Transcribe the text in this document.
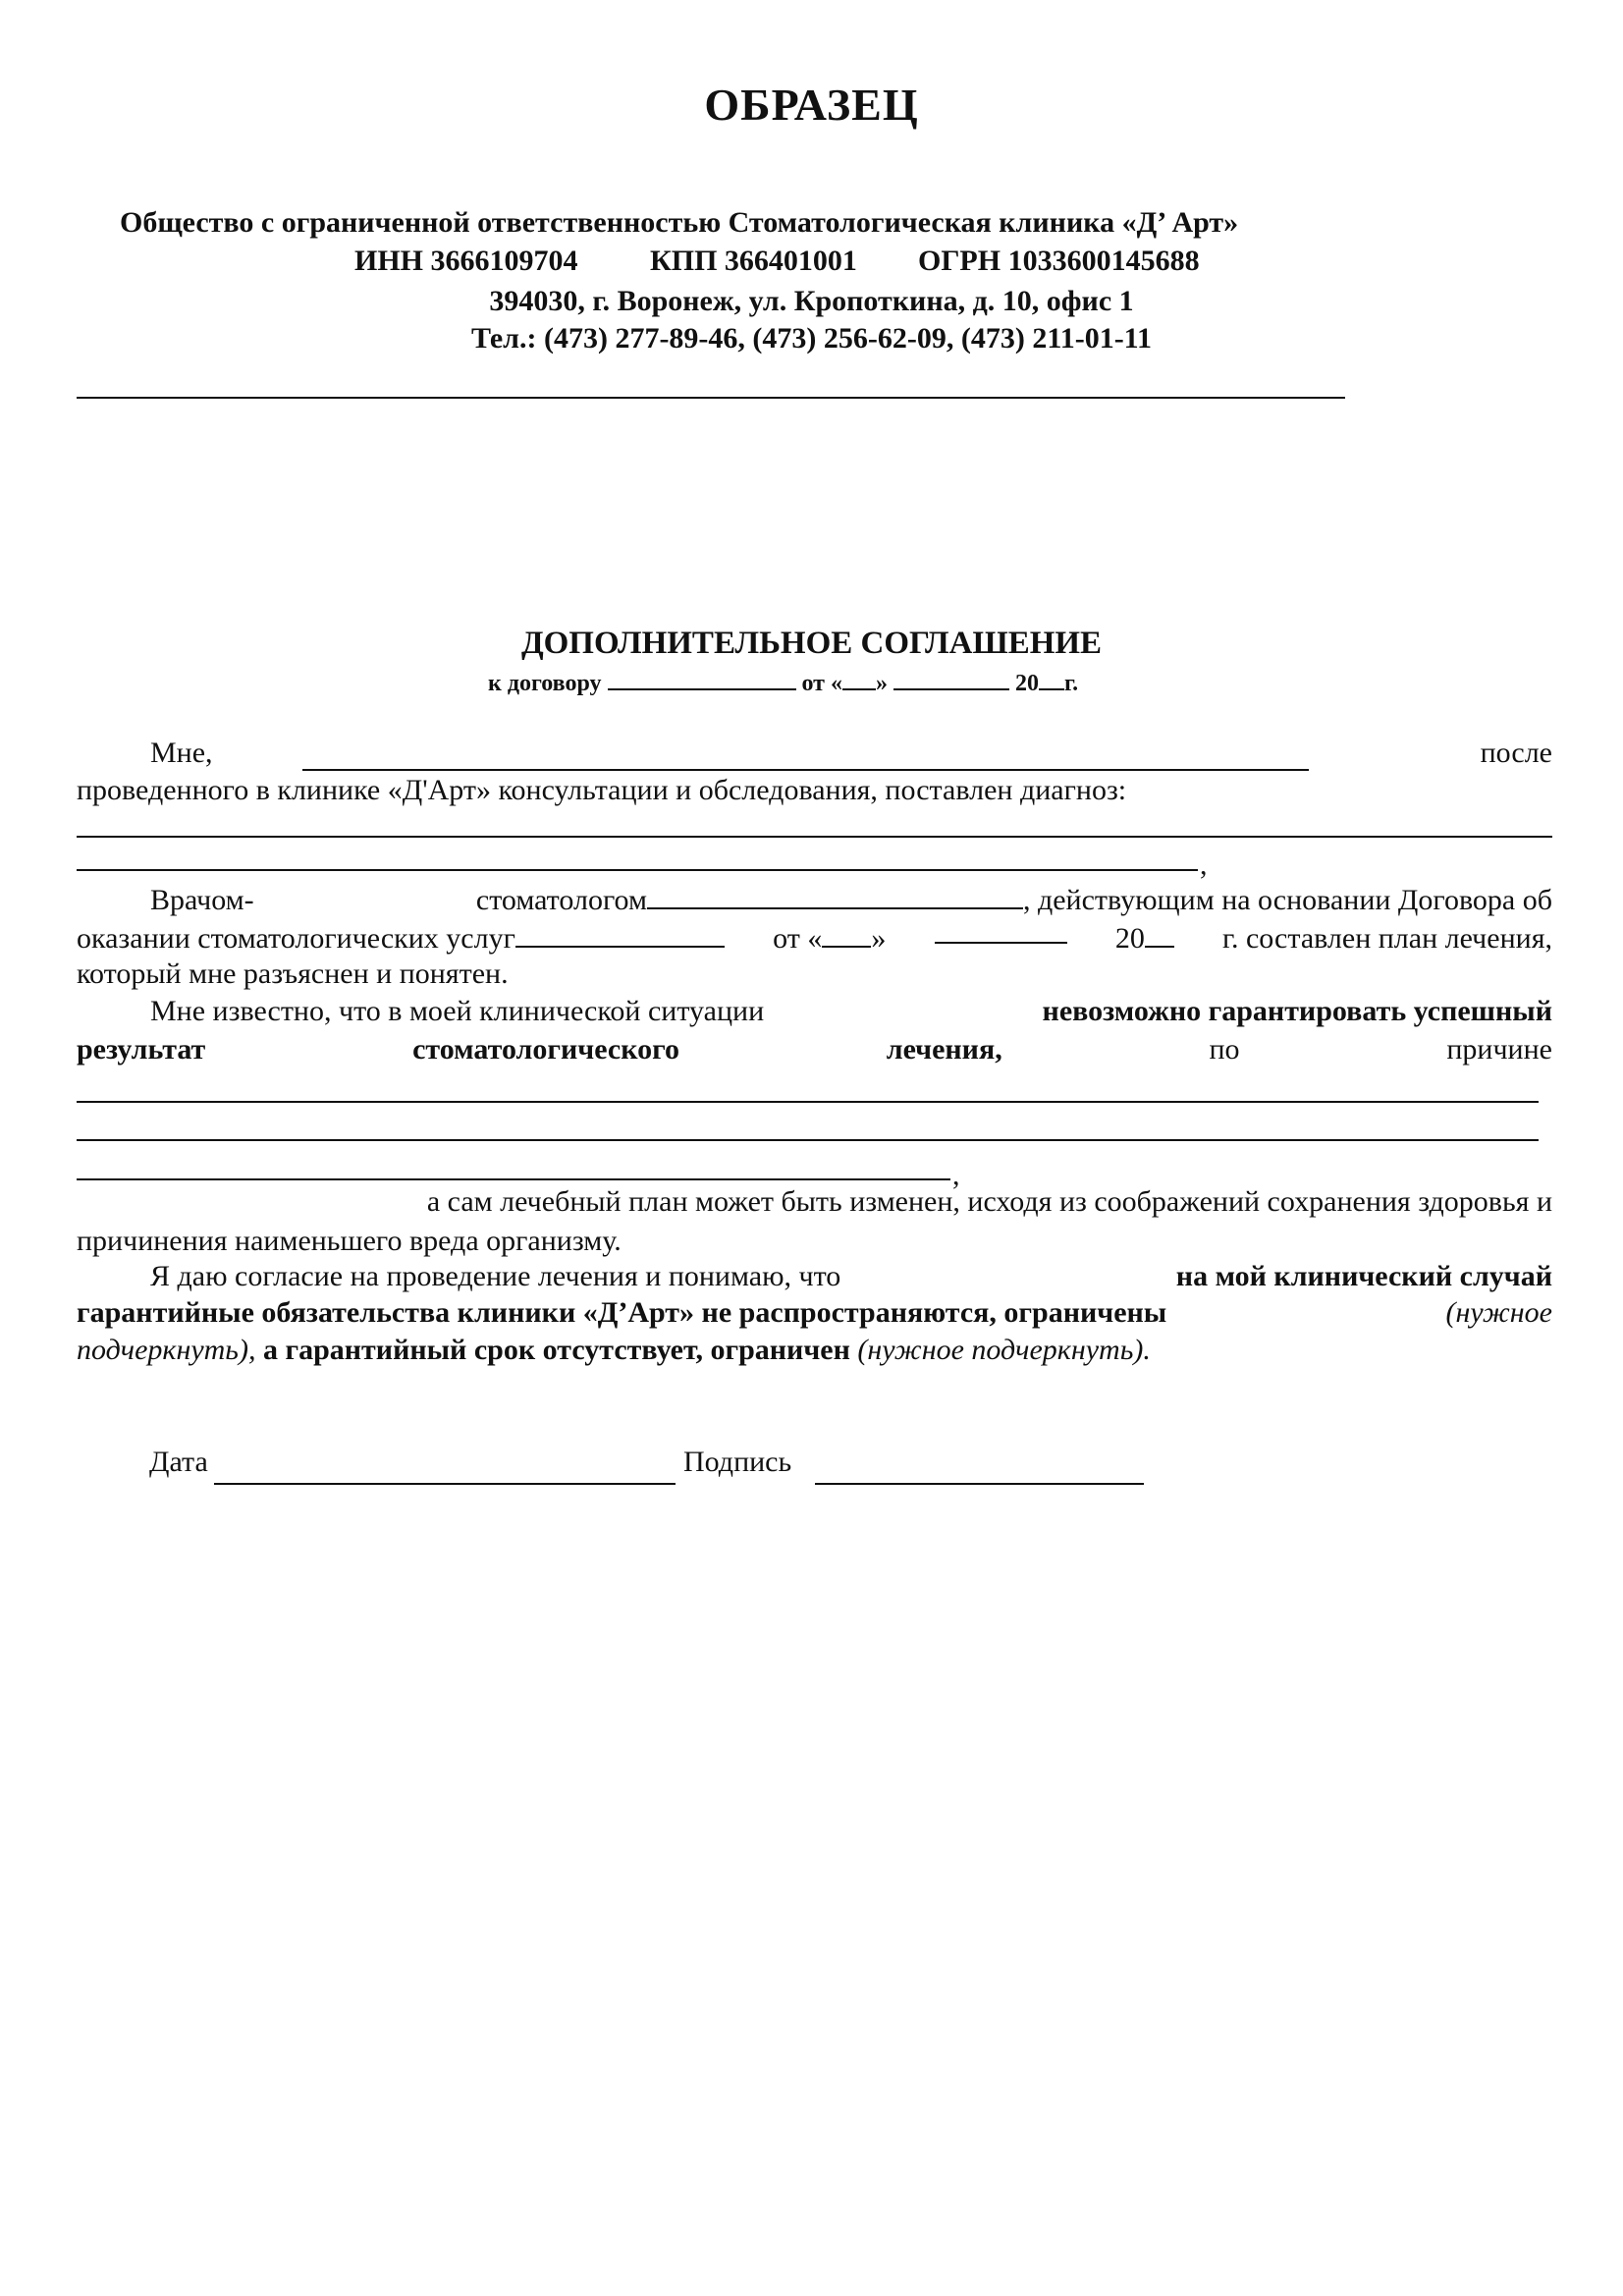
ОБРАЗЕЦ
Общество с ограниченной ответственностью Стоматологическая клиника «Д’ Арт»
ИНН 3666109704 КПП 366401001 ОГРН 1033600145688
394030, г. Воронеж, ул. Кропоткина, д. 10, офис 1
Тел.: (473) 277-89-46, (473) 256-62-09, (473) 211-01-11
ДОПОЛНИТЕЛЬНОЕ СОГЛАШЕНИЕ
к договору	от « »	20 г.
Мне,	после
проведенного в клинике «Д'Арт» консультации и обследования, поставлен диагноз:
,
Врачом-	стоматологом	, действующим на основании Договора об
оказании стоматологических услуг	от « »	20	г. составлен план лечения,
который мне разъяснен и понятен.
Мне известно, что в моей клинической ситуации	невозможно гарантировать успешный
результат	стоматологического	лечения,	по	причине
,
а сам лечебный план может быть изменен, исходя из соображений сохранения здоровья и
причинения наименьшего вреда организму.
Я даю согласие на проведение лечения и понимаю, что	на мой клинический случай
гарантийные обязательства клиники «Д’Арт» не распространяются, ограничены	(нужное
подчеркнуть), а гарантийный срок отсутствует, ограничен (нужное подчеркнуть).
Дата	Подпись
